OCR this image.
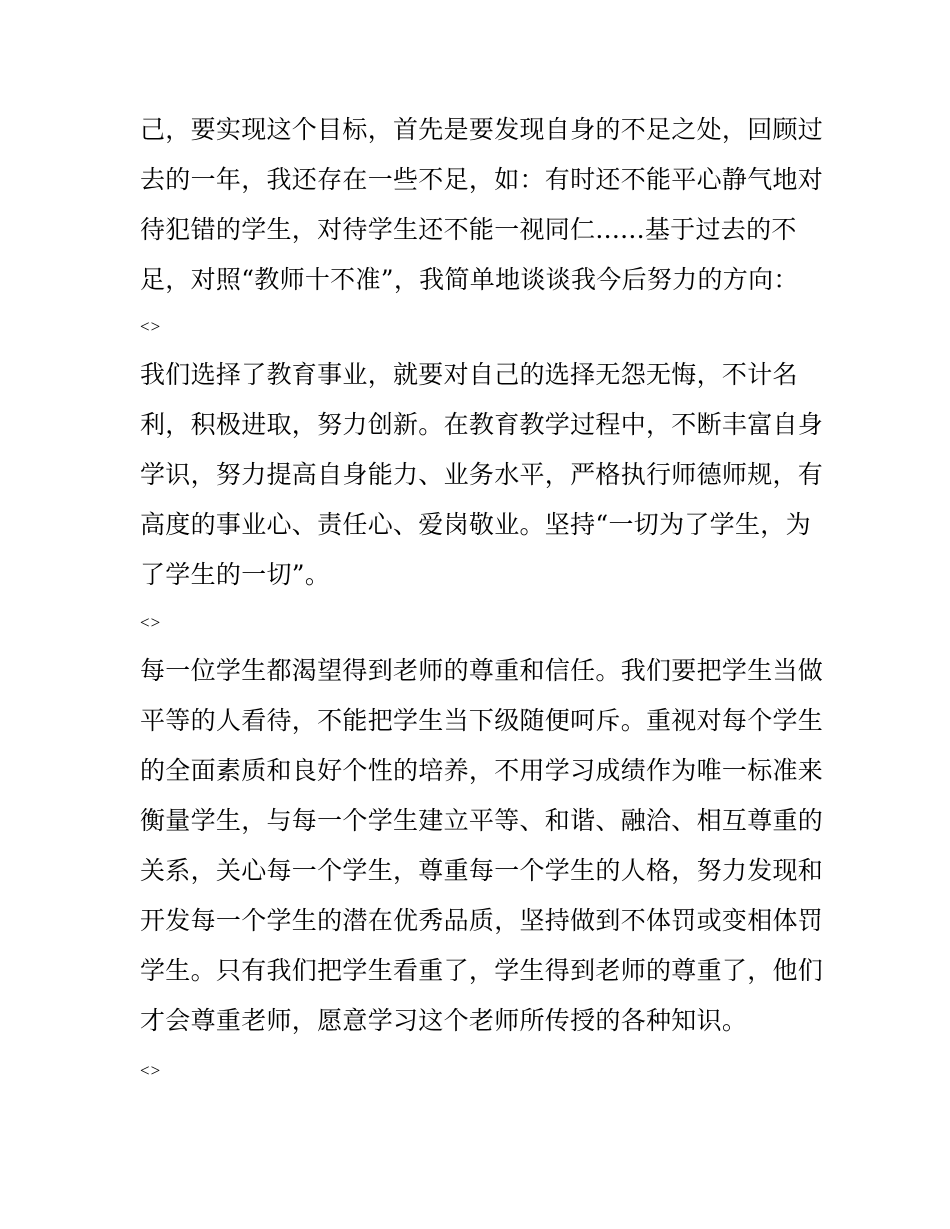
己，要实现这个目标，首先是要发现自身的不足之处，回顾过
去的一年，我还存在一些不足，如：有时还不能平心静气地对
待犯错的学生，对待学生还不能一视同仁......基于过去的不
足，对照“教师十不准”，我简单地谈谈我今后努力的方向：
<>
我们选择了教育事业，就要对自己的选择无怨无悔，不计名
利，积极进取，努力创新。在教育教学过程中，不断丰富自身
学识，努力提高自身能力、业务水平，严格执行师德师规，有
高度的事业心、责任心、爱岗敬业。坚持“一切为了学生，为
了学生的一切”。
<>
每一位学生都渴望得到老师的尊重和信任。我们要把学生当做
平等的人看待，不能把学生当下级随便呵斥。重视对每个学生
的全面素质和良好个性的培养，不用学习成绩作为唯一标准来
衡量学生，与每一个学生建立平等、和谐、融洽、相互尊重的
关系，关心每一个学生，尊重每一个学生的人格，努力发现和
开发每一个学生的潜在优秀品质，坚持做到不体罚或变相体罚
学生。只有我们把学生看重了，学生得到老师的尊重了，他们
才会尊重老师，愿意学习这个老师所传授的各种知识。
<>
